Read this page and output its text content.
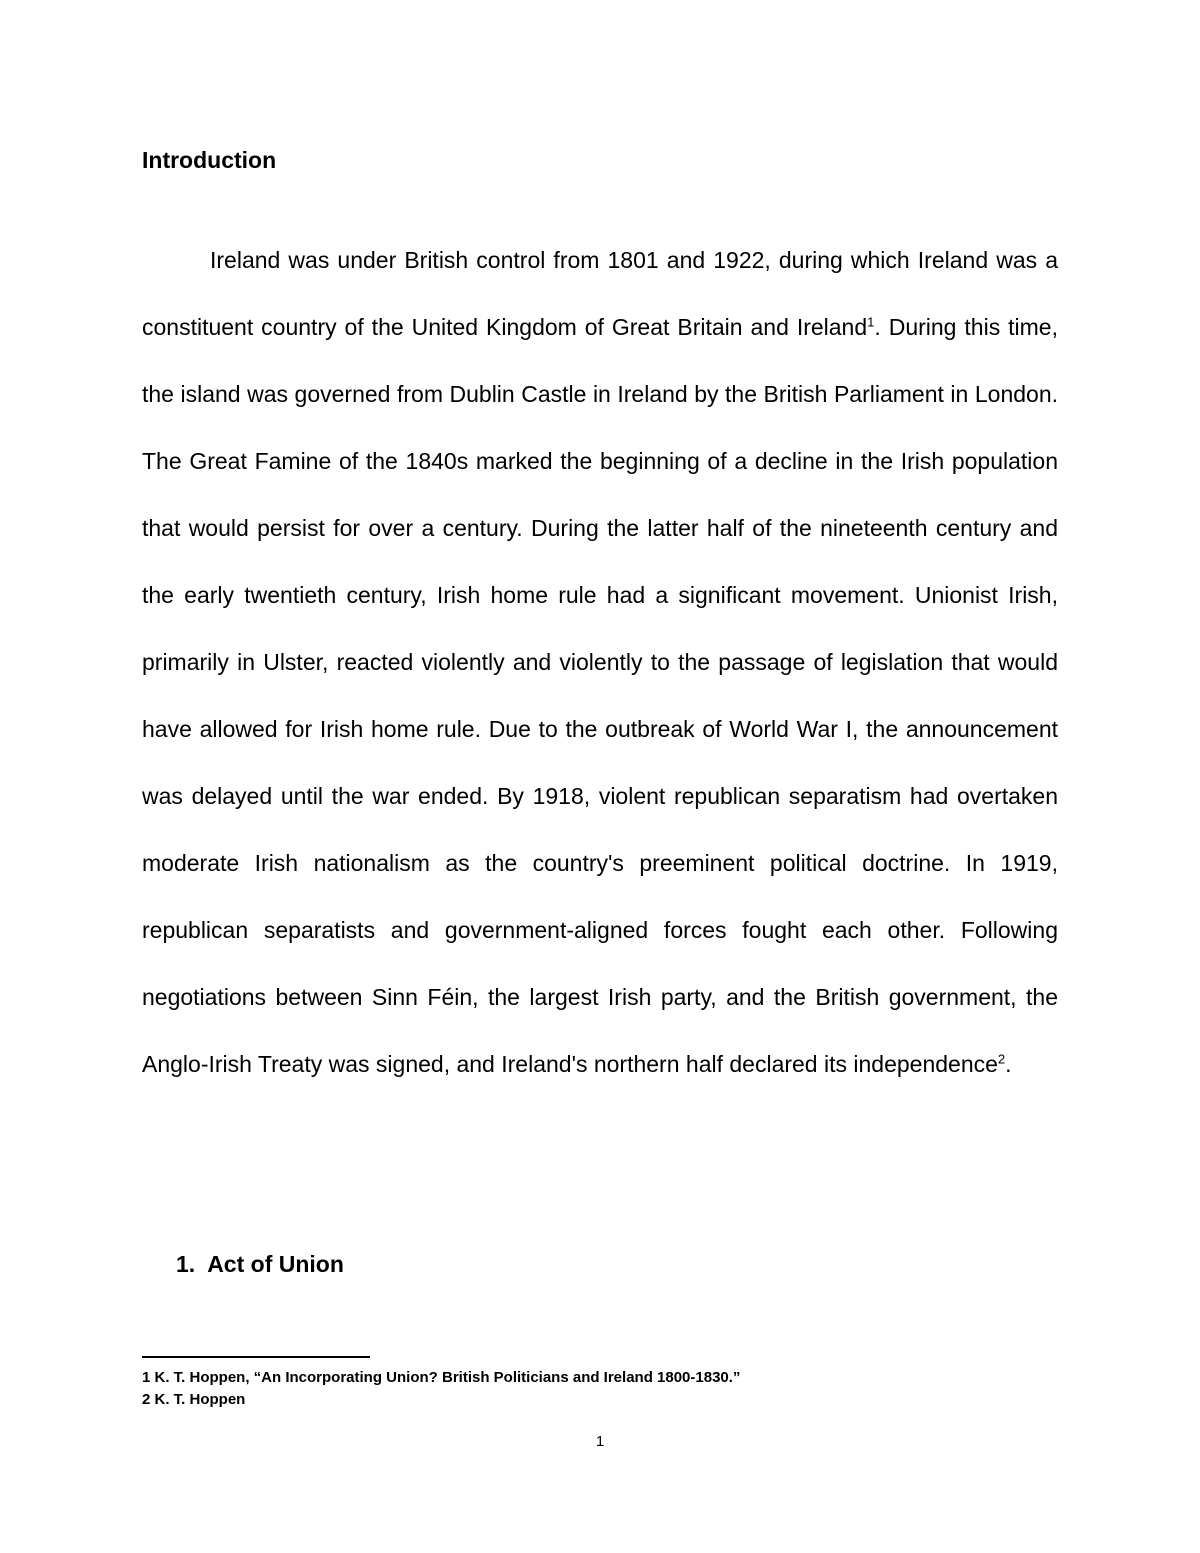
Introduction

Ireland was under British control from 1801 and 1922, during which Ireland was a constituent country of the United Kingdom of Great Britain and Ireland$^1$. During this time, the island was governed from Dublin Castle in Ireland by the British Parliament in London. The Great Famine of the 1840s marked the beginning of a decline in the Irish population that would persist for over a century. During the latter half of the nineteenth century and the early twentieth century, Irish home rule had a significant movement. Unionist Irish, primarily in Ulster, reacted violently and violently to the passage of legislation that would have allowed for Irish home rule. Due to the outbreak of World War I, the announcement was delayed until the war ended. By 1918, violent republican separatism had overtaken moderate Irish nationalism as the country's preeminent political doctrine. In 1919, republican separatists and government-aligned forces fought each other. Following negotiations between Sinn Féin, the largest Irish party, and the British government, the Anglo-Irish Treaty was signed, and Ireland's northern half declared its independence$^2$.

1. Act of Union
1 K. T. Hoppen, “An Incorporating Union? British Politicians and Ireland 1800-1830.”
2 K. T. Hoppen
1
